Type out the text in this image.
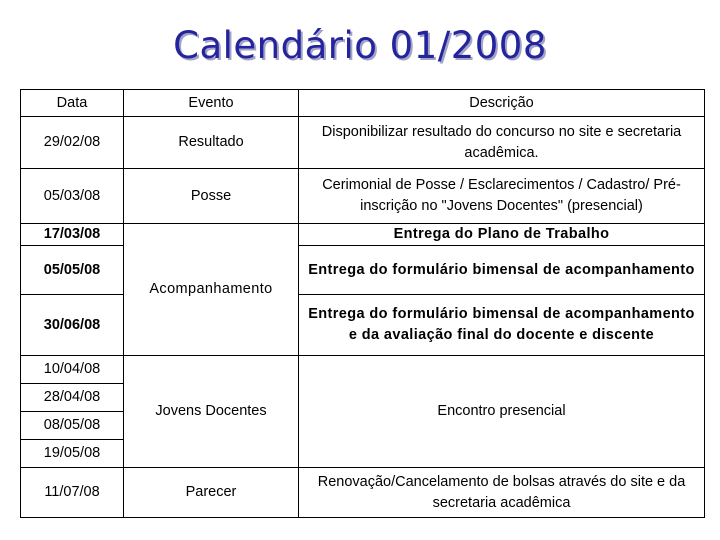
Calendário 01/2008
Data	Evento	Descrição
29/02/08	Resultado	Disponibilizar resultado do concurso no site e secretaria acadêmica.
05/03/08	Posse	Cerimonial de Posse / Esclarecimentos / Cadastro/ Pré-inscrição no "Jovens Docentes" (presencial)
17/03/08	Acompanhamento	Entrega do Plano de Trabalho
05/05/08		Entrega do formulário bimensal de acompanhamento
30/06/08		Entrega do formulário bimensal de acompanhamento e da avaliação final do docente e discente
10/04/08	Jovens Docentes	Encontro presencial
28/04/08		
08/05/08		
19/05/08		
11/07/08	Parecer	Renovação/Cancelamento de bolsas através do site e da secretaria acadêmica
